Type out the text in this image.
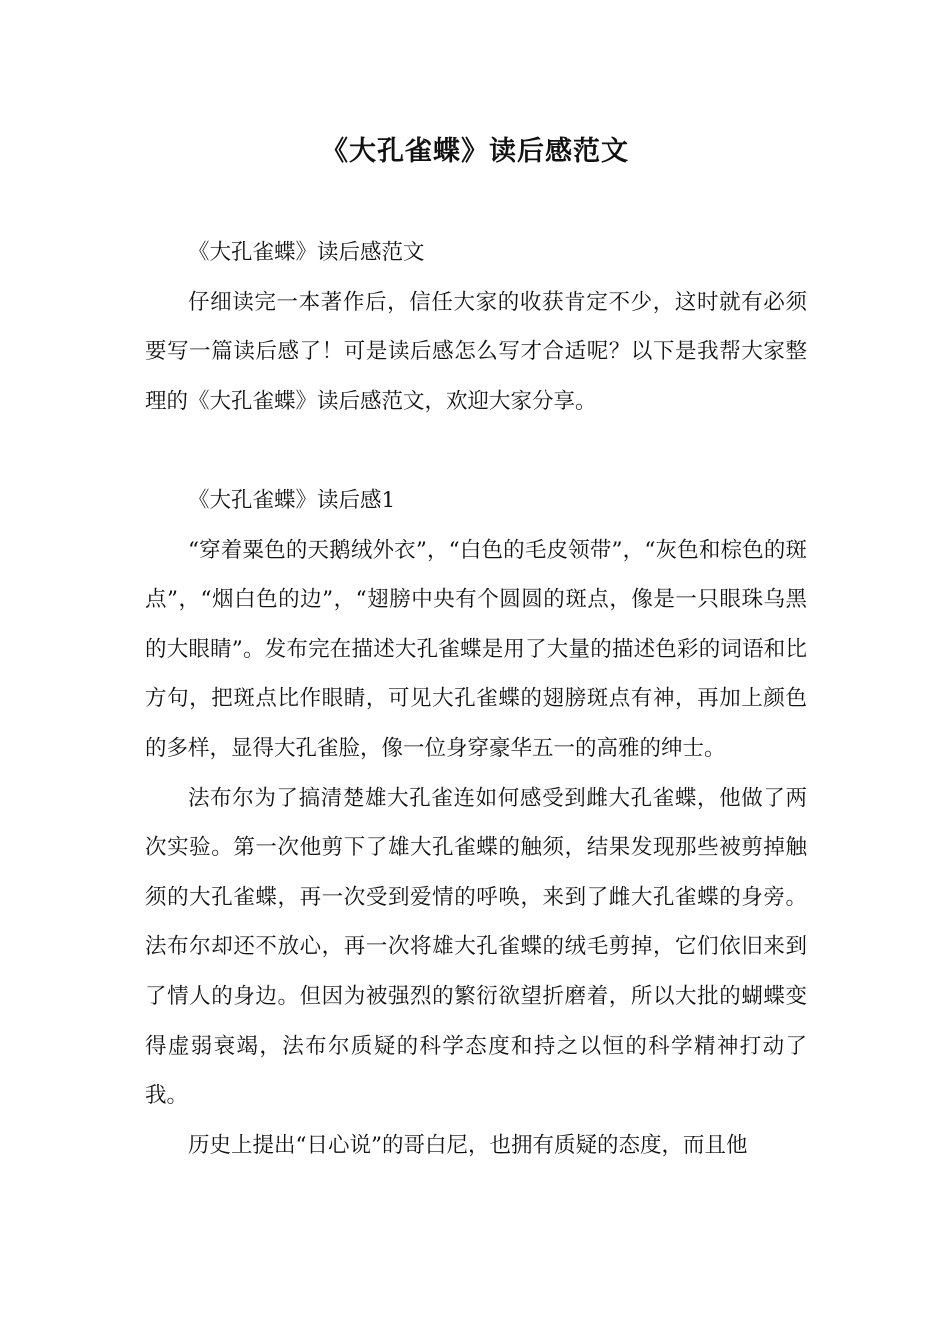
《大孔雀蝶》读后感范文

《大孔雀蝶》读后感范文

仔细读完一本著作后，信任大家的收获肯定不少，这时就有必须要写一篇读后感了！可是读后感怎么写才合适呢？以下是我帮大家整理的《大孔雀蝶》读后感范文，欢迎大家分享。

《大孔雀蝶》读后感1

“穿着粟色的天鹅绒外衣”，“白色的毛皮领带”，“灰色和棕色的斑点”，“烟白色的边”，“翅膀中央有个圆圆的斑点，像是一只眼珠乌黑的大眼睛”。发布完在描述大孔雀蝶是用了大量的描述色彩的词语和比方句，把斑点比作眼睛，可见大孔雀蝶的翅膀斑点有神，再加上颜色的多样，显得大孔雀脸，像一位身穿豪华五一的高雅的绅士。

法布尔为了搞清楚雄大孔雀连如何感受到雌大孔雀蝶，他做了两次实验。第一次他剪下了雄大孔雀蝶的触须，结果发现那些被剪掉触须的大孔雀蝶，再一次受到爱情的呼唤，来到了雌大孔雀蝶的身旁。法布尔却还不放心，再一次将雄大孔雀蝶的绒毛剪掉，它们依旧来到了情人的身边。但因为被强烈的繁衍欲望折磨着，所以大批的蝴蝶变得虚弱衰竭，法布尔质疑的科学态度和持之以恒的科学精神打动了我。

历史上提出“日心说”的哥白尼，也拥有质疑的态度，而且他
